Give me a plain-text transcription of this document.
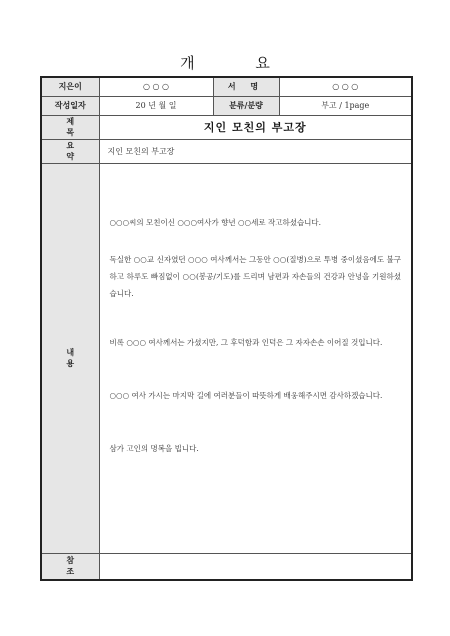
개 요
지은이	○ ○ ○	서 명	○ ○ ○
작성일자	20 년 월 일	분류/분량	부고 / 1page
제 목	지인 모친의 부고장		
요 약	지인 모친의 부고장		
내 용	○○○씨의 모친이신 ○○○여사가 향년 ○○세로 작고하셨습니다.

독실한 ○○교 신자였던 ○○○ 여사께서는 그동안 ○○(질병)으로 투병 중이셨음에도 불구하고 하루도 빠짐없이 ○○(봉공/기도)를 드리며 남편과 자손들의 건강과 안녕을 기원하셨습니다.

비록 ○○○ 여사께서는 가셨지만, 그 후덕함과 인덕은 그 자자손손 이어질 것입니다.

○○○ 여사 가시는 마지막 길에 여러분들이 따뜻하게 배웅해주시면 감사하겠습니다.

삼가 고인의 명복을 빕니다.		

참 조			
